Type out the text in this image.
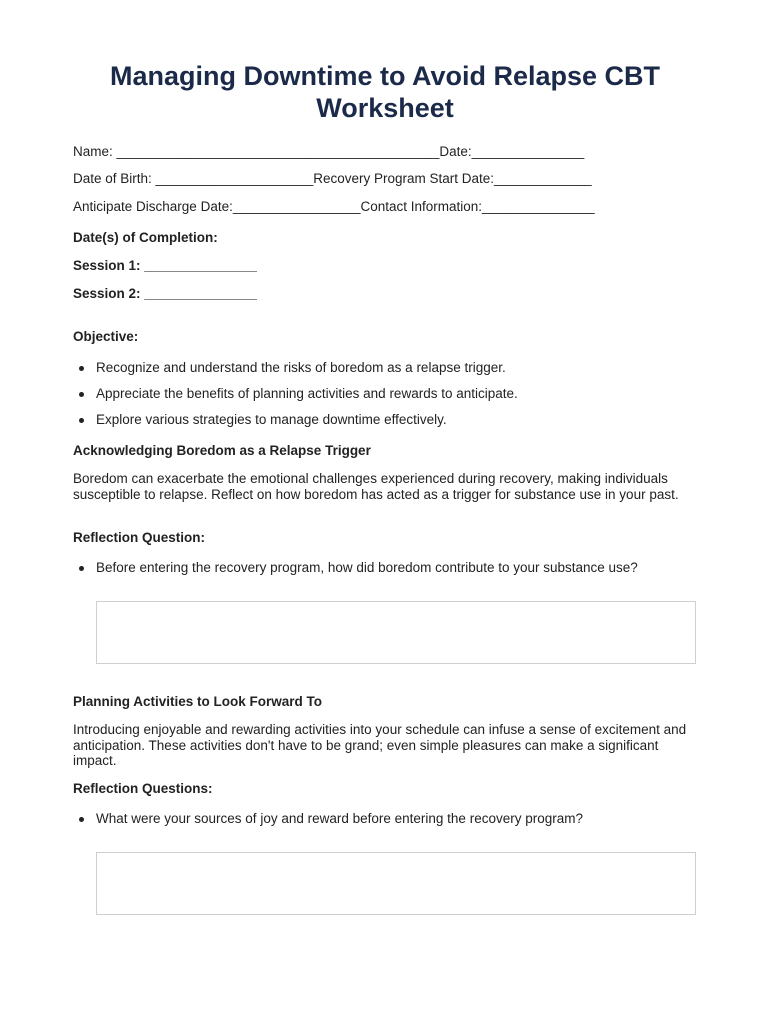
Managing Downtime to Avoid Relapse CBT Worksheet
Name: ___________________________________________Date:_______________
Date of Birth: _____________________Recovery Program Start Date:_____________
Anticipate Discharge Date:_________________Contact Information:_______________
Date(s) of Completion:
Session 1: _______________
Session 2: _______________
Objective:
Recognize and understand the risks of boredom as a relapse trigger.
Appreciate the benefits of planning activities and rewards to anticipate.
Explore various strategies to manage downtime effectively.
Acknowledging Boredom as a Relapse Trigger
Boredom can exacerbate the emotional challenges experienced during recovery, making individuals susceptible to relapse. Reflect on how boredom has acted as a trigger for substance use in your past.
Reflection Question:
Before entering the recovery program, how did boredom contribute to your substance use?
Planning Activities to Look Forward To
Introducing enjoyable and rewarding activities into your schedule can infuse a sense of excitement and anticipation. These activities don't have to be grand; even simple pleasures can make a significant impact.
Reflection Questions:
What were your sources of joy and reward before entering the recovery program?
